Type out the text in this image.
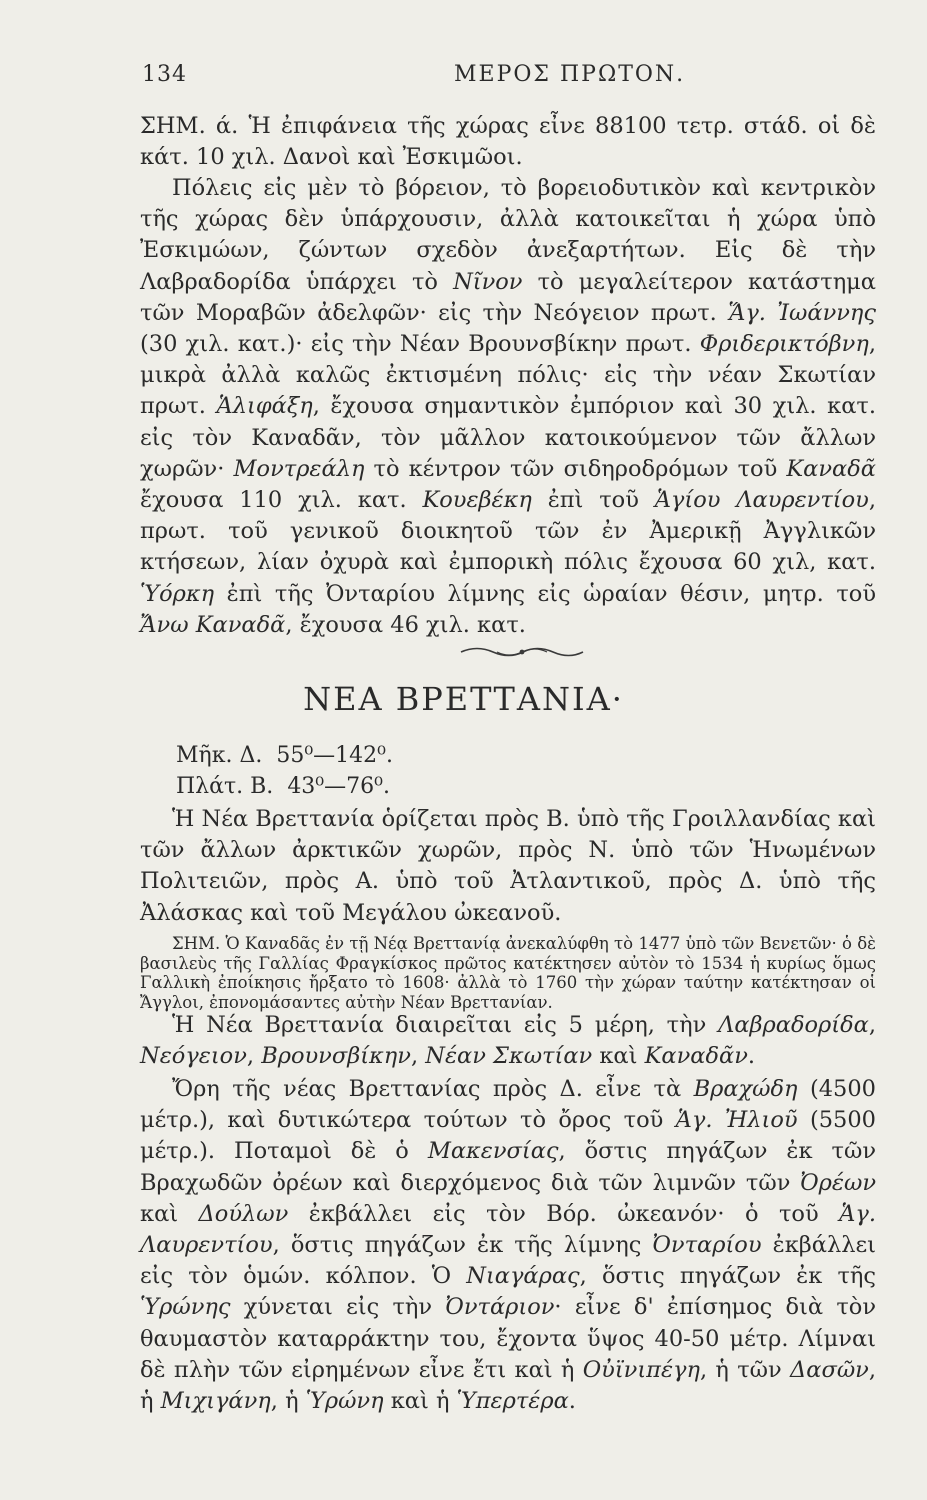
134	ΜΕΡΟΣ ΠΡΩΤΟΝ.

ΣΗΜ. ά. Ἡ ἐπιφάνεια τῆς χώρας εἶνε 88100 τετρ. στάδ. οἱ δὲ κάτ. 10 χιλ. Δανοὶ καὶ Ἐσκιμῶοι.

Πόλεις εἰς μὲν τὸ βόρειον, τὸ βορειοδυτικὸν καὶ κεντρικὸν τῆς χώρας δὲν ὑπάρχουσιν, ἀλλὰ κατοικεῖται ἡ χώρα ὑπὸ Ἐσκιμώων, ζώντων σχεδὸν ἀνεξαρτήτων. Εἰς δὲ τὴν Λαβραδορίδα ὑπάρχει τὸ Νῖνον τὸ μεγαλείτερον κατάστημα τῶν Μοραβῶν ἀδελφῶν· εἰς τὴν Νεόγειον πρωτ. Ἅγ. Ἰωάννης (30 χιλ. κατ.)· εἰς τὴν Νέαν Βρουνσβίκην πρωτ. Φριδερικτόβνη, μικρὰ ἀλλὰ καλῶς ἐκτισμένη πόλις· εἰς τὴν νέαν Σκωτίαν πρωτ. Ἁλιφάξη, ἔχουσα σημαντικὸν ἐμπόριον καὶ 30 χιλ. κατ. εἰς τὸν Καναδᾶν, τὸν μᾶλλον κατοικούμενον τῶν ἄλλων χωρῶν· Μοντρεάλη τὸ κέντρον τῶν σιδηροδρόμων τοῦ Καναδᾶ ἔχουσα 110 χιλ. κατ. Κουεβέκη ἐπὶ τοῦ Ἁγίου Λαυρεντίου, πρωτ. τοῦ γενικοῦ διοικητοῦ τῶν ἐν Ἀμερικῇ Ἀγγλικῶν κτήσεων, λίαν ὀχυρὰ καὶ ἐμπορικὴ πόλις ἔχουσα 60 χιλ, κατ. Ὑόρκη ἐπὶ τῆς Ὀνταρίου λίμνης εἰς ὡραίαν θέσιν, μητρ. τοῦ Ἄνω Καναδᾶ, ἔχουσα 46 χιλ. κατ.

ΝΕΑ ΒΡΕΤΤΑΝΙΑ·
Μῆκ. Δ. 55⁰—142⁰.
Πλάτ. Β. 43⁰—76⁰.

Ἡ Νέα Βρεττανία ὁρίζεται πρὸς Β. ὑπὸ τῆς Γροιλλανδίας καὶ τῶν ἄλλων ἀρκτικῶν χωρῶν, πρὸς Ν. ὑπὸ τῶν Ἡνωμένων Πολιτειῶν, πρὸς Α. ὑπὸ τοῦ Ἀτλαντικοῦ, πρὸς Δ. ὑπὸ τῆς Ἀλάσκας καὶ τοῦ Μεγάλου ὠκεανοῦ.

ΣΗΜ. Ὁ Καναδᾶς ἐν τῇ Νέᾳ Βρεττανίᾳ ἀνεκαλύφθη τὸ 1477 ὑπὸ τῶν Βενετῶν· ὁ δὲ βασιλεὺς τῆς Γαλλίας Φραγκίσκος πρῶτος κατέκτησεν αὐτὸν τὸ 1534 ἡ κυρίως ὅμως Γαλλικὴ ἐποίκησις ἤρξατο τὸ 1608· ἀλλὰ τὸ 1760 τὴν χώραν ταύτην κατέκτησαν οἱ Ἄγγλοι, ἐπονομάσαντες αὐτὴν Νέαν Βρεττανίαν.

Ἡ Νέα Βρεττανία διαιρεῖται εἰς 5 μέρη, τὴν Λαβραδορίδα, Νεόγειον, Βρουνσβίκην, Νέαν Σκωτίαν καὶ Καναδᾶν.

Ὄρη τῆς νέας Βρεττανίας πρὸς Δ. εἶνε τὰ Βραχώδη (4500 μέτρ.), καὶ δυτικώτερα τούτων τὸ ὄρος τοῦ Ἁγ. Ἠλιοῦ (5500 μέτρ.). Ποταμοὶ δὲ ὁ Μακενσίας, ὅστις πηγάζων ἐκ τῶν Βραχωδῶν ὀρέων καὶ διερχόμενος διὰ τῶν λιμνῶν τῶν Ὀρέων καὶ Δούλων ἐκβάλλει εἰς τὸν Βόρ. ὠκεανόν· ὁ τοῦ Ἁγ. Λαυρεντίου, ὅστις πηγάζων ἐκ τῆς λίμνης Ὀνταρίου ἐκβάλλει εἰς τὸν ὁμών. κόλπον. Ὁ Νιαγάρας, ὅστις πηγάζων ἐκ τῆς Ὑρώνης χύνεται εἰς τὴν Ὀντάριον· εἶνε δ' ἐπίσημος διὰ τὸν θαυμαστὸν καταρράκτην του, ἔχοντα ὕψος 40-50 μέτρ. Λίμναι δὲ πλὴν τῶν εἰρημένων εἶνε ἔτι καὶ ἡ Οὐϊνιπέγη, ἡ τῶν Δασῶν, ἡ Μιχιγάνη, ἡ Ὑρώνη καὶ ἡ Ὑπερτέρα.
